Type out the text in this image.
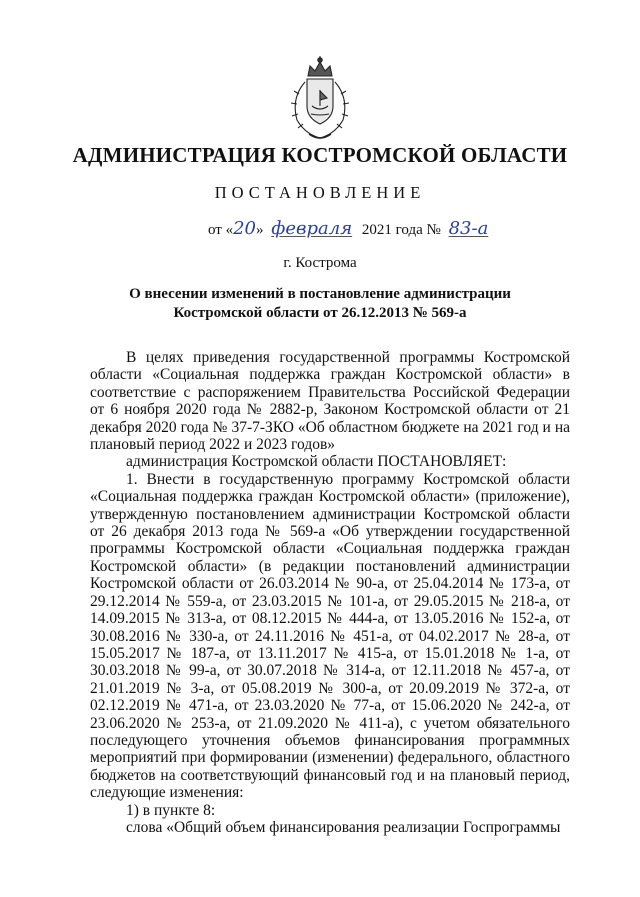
АДМИНИСТРАЦИЯ КОСТРОМСКОЙ ОБЛАСТИ
ПОСТАНОВЛЕНИЕ
от «20» февраля 2021 года № 83-а
г. Кострома
О внесении изменений в постановление администрации
Костромской области от 26.12.2013 № 569-а

В целях приведения государственной программы Костромской области «Социальная поддержка граждан Костромской области» в соответствие с распоряжением Правительства Российской Федерации от 6 ноября 2020 года № 2882-р, Законом Костромской области от 21 декабря 2020 года № 37-7-ЗКО «Об областном бюджете на 2021 год и на плановый период 2022 и 2023 годов»

администрация Костромской области ПОСТАНОВЛЯЕТ:

1. Внести в государственную программу Костромской области «Социальная поддержка граждан Костромской области» (приложение), утвержденную постановлением администрации Костромской области от 26 декабря 2013 года № 569-а «Об утверждении государственной программы Костромской области «Социальная поддержка граждан Костромской области» (в редакции постановлений администрации Костромской области от 26.03.2014 № 90-а, от 25.04.2014 № 173-а, от 29.12.2014 № 559-а, от 23.03.2015 № 101-а, от 29.05.2015 № 218-а, от 14.09.2015 № 313-а, от 08.12.2015 № 444-а, от 13.05.2016 № 152-а, от 30.08.2016 № 330-а, от 24.11.2016 № 451-а, от 04.02.2017 № 28-а, от 15.05.2017 № 187-а, от 13.11.2017 № 415-а, от 15.01.2018 № 1-а, от 30.03.2018 № 99-а, от 30.07.2018 № 314-а, от 12.11.2018 № 457-а, от 21.01.2019 № 3-а, от 05.08.2019 № 300-а, от 20.09.2019 № 372-а, от 02.12.2019 № 471-а, от 23.03.2020 № 77-а, от 15.06.2020 № 242-а, от 23.06.2020 № 253-а, от 21.09.2020 № 411-а), с учетом обязательного последующего уточнения объемов финансирования программных мероприятий при формировании (изменении) федерального, областного бюджетов на соответствующий финансовый год и на плановый период, следующие изменения:

1) в пункте 8:

слова «Общий объем финансирования реализации Госпрограммы
